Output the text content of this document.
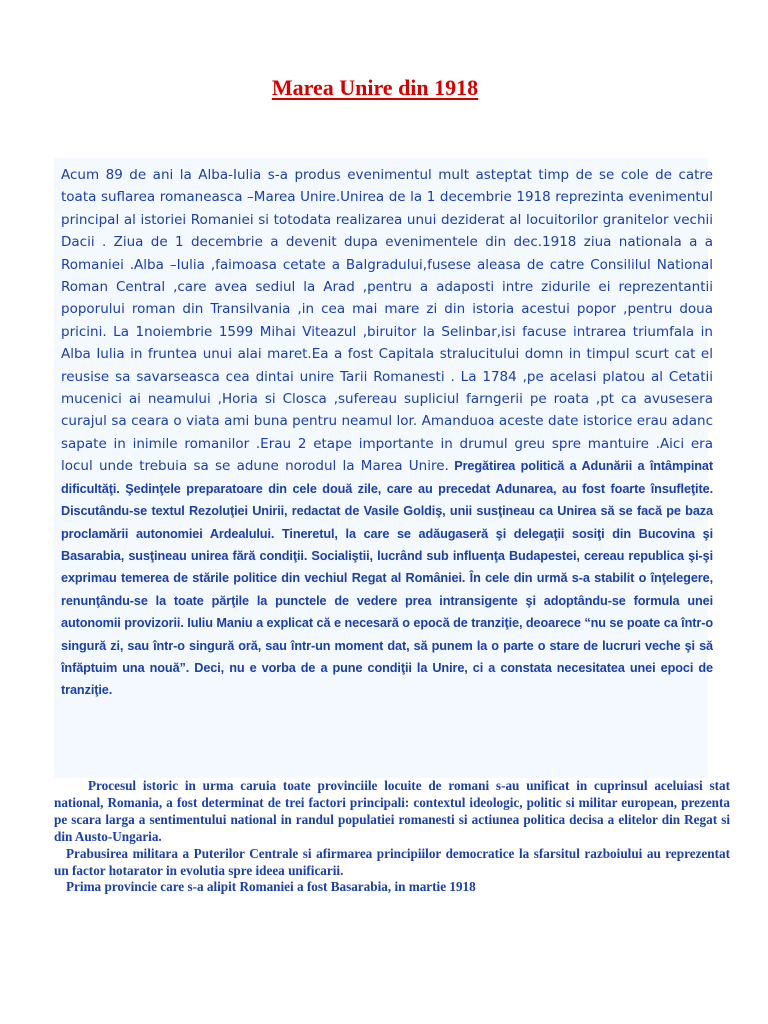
Marea Unire din 1918

Acum 89 de ani la Alba-Iulia s-a produs evenimentul mult asteptat timp de se cole de catre toata suflarea romaneasca –Marea Unire.Unirea de la 1 decembrie 1918 reprezinta evenimentul principal al istoriei Romaniei si totodata realizarea unui deziderat al locuitorilor granitelor vechii Dacii . Ziua de 1 decembrie a devenit dupa evenimentele din dec.1918 ziua nationala a a Romaniei .Alba –Iulia ,faimoasa cetate a Balgradului,fusese aleasa de catre Consililul National Roman Central ,care avea sediul la Arad ,pentru a adaposti intre zidurile ei reprezentantii poporului roman din Transilvania ,in cea mai mare zi din istoria acestui popor ,pentru doua pricini. La 1noiembrie 1599 Mihai Viteazul ,biruitor la Selinbar,isi facuse intrarea triumfala in Alba Iulia in fruntea unui alai maret.Ea a fost Capitala stralucitului domn in timpul scurt cat el reusise sa savarseasca cea dintai unire Tarii Romanesti . La 1784 ,pe acelasi platou al Cetatii mucenici ai neamului ,Horia si Closca ,sufereau supliciul farngerii pe roata ,pt ca avusesera curajul sa ceara o viata ami buna pentru neamul lor. Amanduoa aceste date istorice erau adanc sapate in inimile romanilor .Erau 2 etape importante in drumul greu spre mantuire .Aici era locul unde trebuia sa se adune norodul la Marea Unire. Pregătirea politică a Adunării a întâmpinat dificultăţi. Şedinţele preparatoare din cele două zile, care au precedat Adunarea, au fost foarte însufleţite. Discutându-se textul Rezoluţiei Unirii, redactat de Vasile Goldiş, unii susţineau ca Unirea să se facă pe baza proclamării autonomiei Ardealului. Tineretul, la care se adăugaseră şi delegaţii sosiţi din Bucovina şi Basarabia, susţineau unirea fără condiţii. Socialiştii, lucrând sub influenţa Budapestei, cereau republica şi-şi exprimau temerea de stările politice din vechiul Regat al României. În cele din urmă s-a stabilit o înţelegere, renunţându-se la toate părţile la punctele de vedere prea intransigente şi adoptându-se formula unei autonomii provizorii. Iuliu Maniu a explicat că e necesară o epocă de tranziţie, deoarece “nu se poate ca într-o singură zi, sau într-o singură oră, sau într-un moment dat, să punem la o parte o stare de lucruri veche şi să înfăptuim una nouă”. Deci, nu e vorba de a pune condiţii la Unire, ci a constata necesitatea unei epoci de tranziţie.

Procesul istoric in urma caruia toate provinciile locuite de romani s-au unificat in cuprinsul aceluiasi stat national, Romania, a fost determinat de trei factori principali: contextul ideologic, politic si militar european, prezenta pe scara larga a sentimentului national in randul populatiei romanesti si actiunea politica decisa a elitelor din Regat si din Austo-Ungaria.

Prabusirea militara a Puterilor Centrale si afirmarea principiilor democratice la sfarsitul razboiului au reprezentat un factor hotarator in evolutia spre ideea unificarii.

Prima provincie care s-a alipit Romaniei a fost Basarabia, in martie 1918
